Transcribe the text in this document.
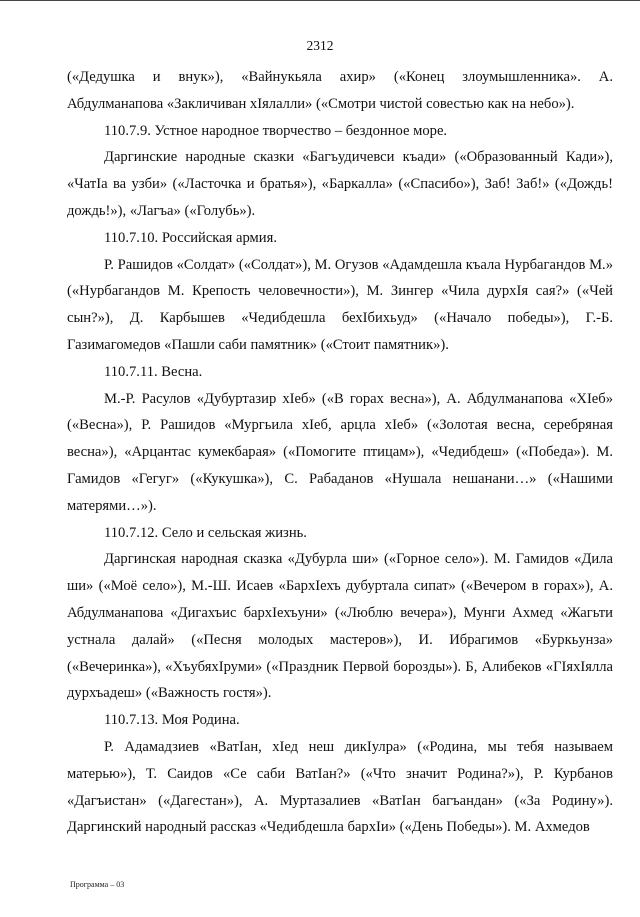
2312

(«Дедушка и внук»), «Вайнукьяла ахир» («Конец злоумышленника». А. Абдулманапова «Закличиван хIялалли» («Смотри чистой совестью как на небо»).

110.7.9. Устное народное творчество – бездонное море.

Даргинские народные сказки «Багъудичевси къади» («Образованный Кади»), «ЧатIа ва узби» («Ласточка и братья»), «Баркалла» («Спасибо»), Заб! Заб!» («Дождь! дождь!»), «Лагъа» («Голубь»).

110.7.10. Российская армия.

Р. Рашидов «Солдат» («Солдат»), М. Огузов «Адамдешла къала Нурбагандов М.» («Нурбагандов М. Крепость человечности»), М. Зингер «Чила дурхIя сая?» («Чей сын?»), Д. Карбышев «Чедибдешла бехIбихьуд» («Начало победы»), Г.-Б. Газимагомедов «Пашли саби памятник» («Стоит памятник»).

110.7.11. Весна.

М.-Р. Расулов «Дубуртазир хIеб» («В горах весна»), А. Абдулманапова «ХIеб» («Весна»), Р. Рашидов «Мургьила хIеб, арцла хIеб» («Золотая весна, серебряная весна»), «Арцантас кумекбарая» («Помогите птицам»), «Чедибдеш» («Победа»). М. Гамидов «Гегуг» («Кукушка»), С. Рабаданов «Нушала нешанани…» («Нашими матерями…»).

110.7.12. Село и сельская жизнь.

Даргинская народная сказка «Дубурла ши» («Горное село»). М. Гамидов «Дила ши» («Моё село»), М.-Ш. Исаев «БархIехъ дубуртала сипат» («Вечером в горах»), А. Абдулманапова «Дигахъис бархIехъуни» («Люблю вечера»), Мунги Ахмед «Жагьти устнала далай» («Песня молодых мастеров»), И. Ибрагимов «Буркьунза» («Вечеринка»), «ХъубяхIруми» («Праздник Первой борозды»). Б, Алибеков «ГIяхIялла дурхъадеш» («Важность гостя»).

110.7.13. Моя Родина.

Р. Адамадзиев «ВатIан, хIед неш дикIулра» («Родина, мы тебя называем матерью»), Т. Саидов «Се саби ВатIан?» («Что значит Родина?»), Р. Курбанов «Дагъистан» («Дагестан»), А. Муртазалиев «ВатIан багъандан» («За Родину»). Даргинский народный рассказ «Чедибдешла бархIи» («День Победы»). М. Ахмедов

Программа – 03
